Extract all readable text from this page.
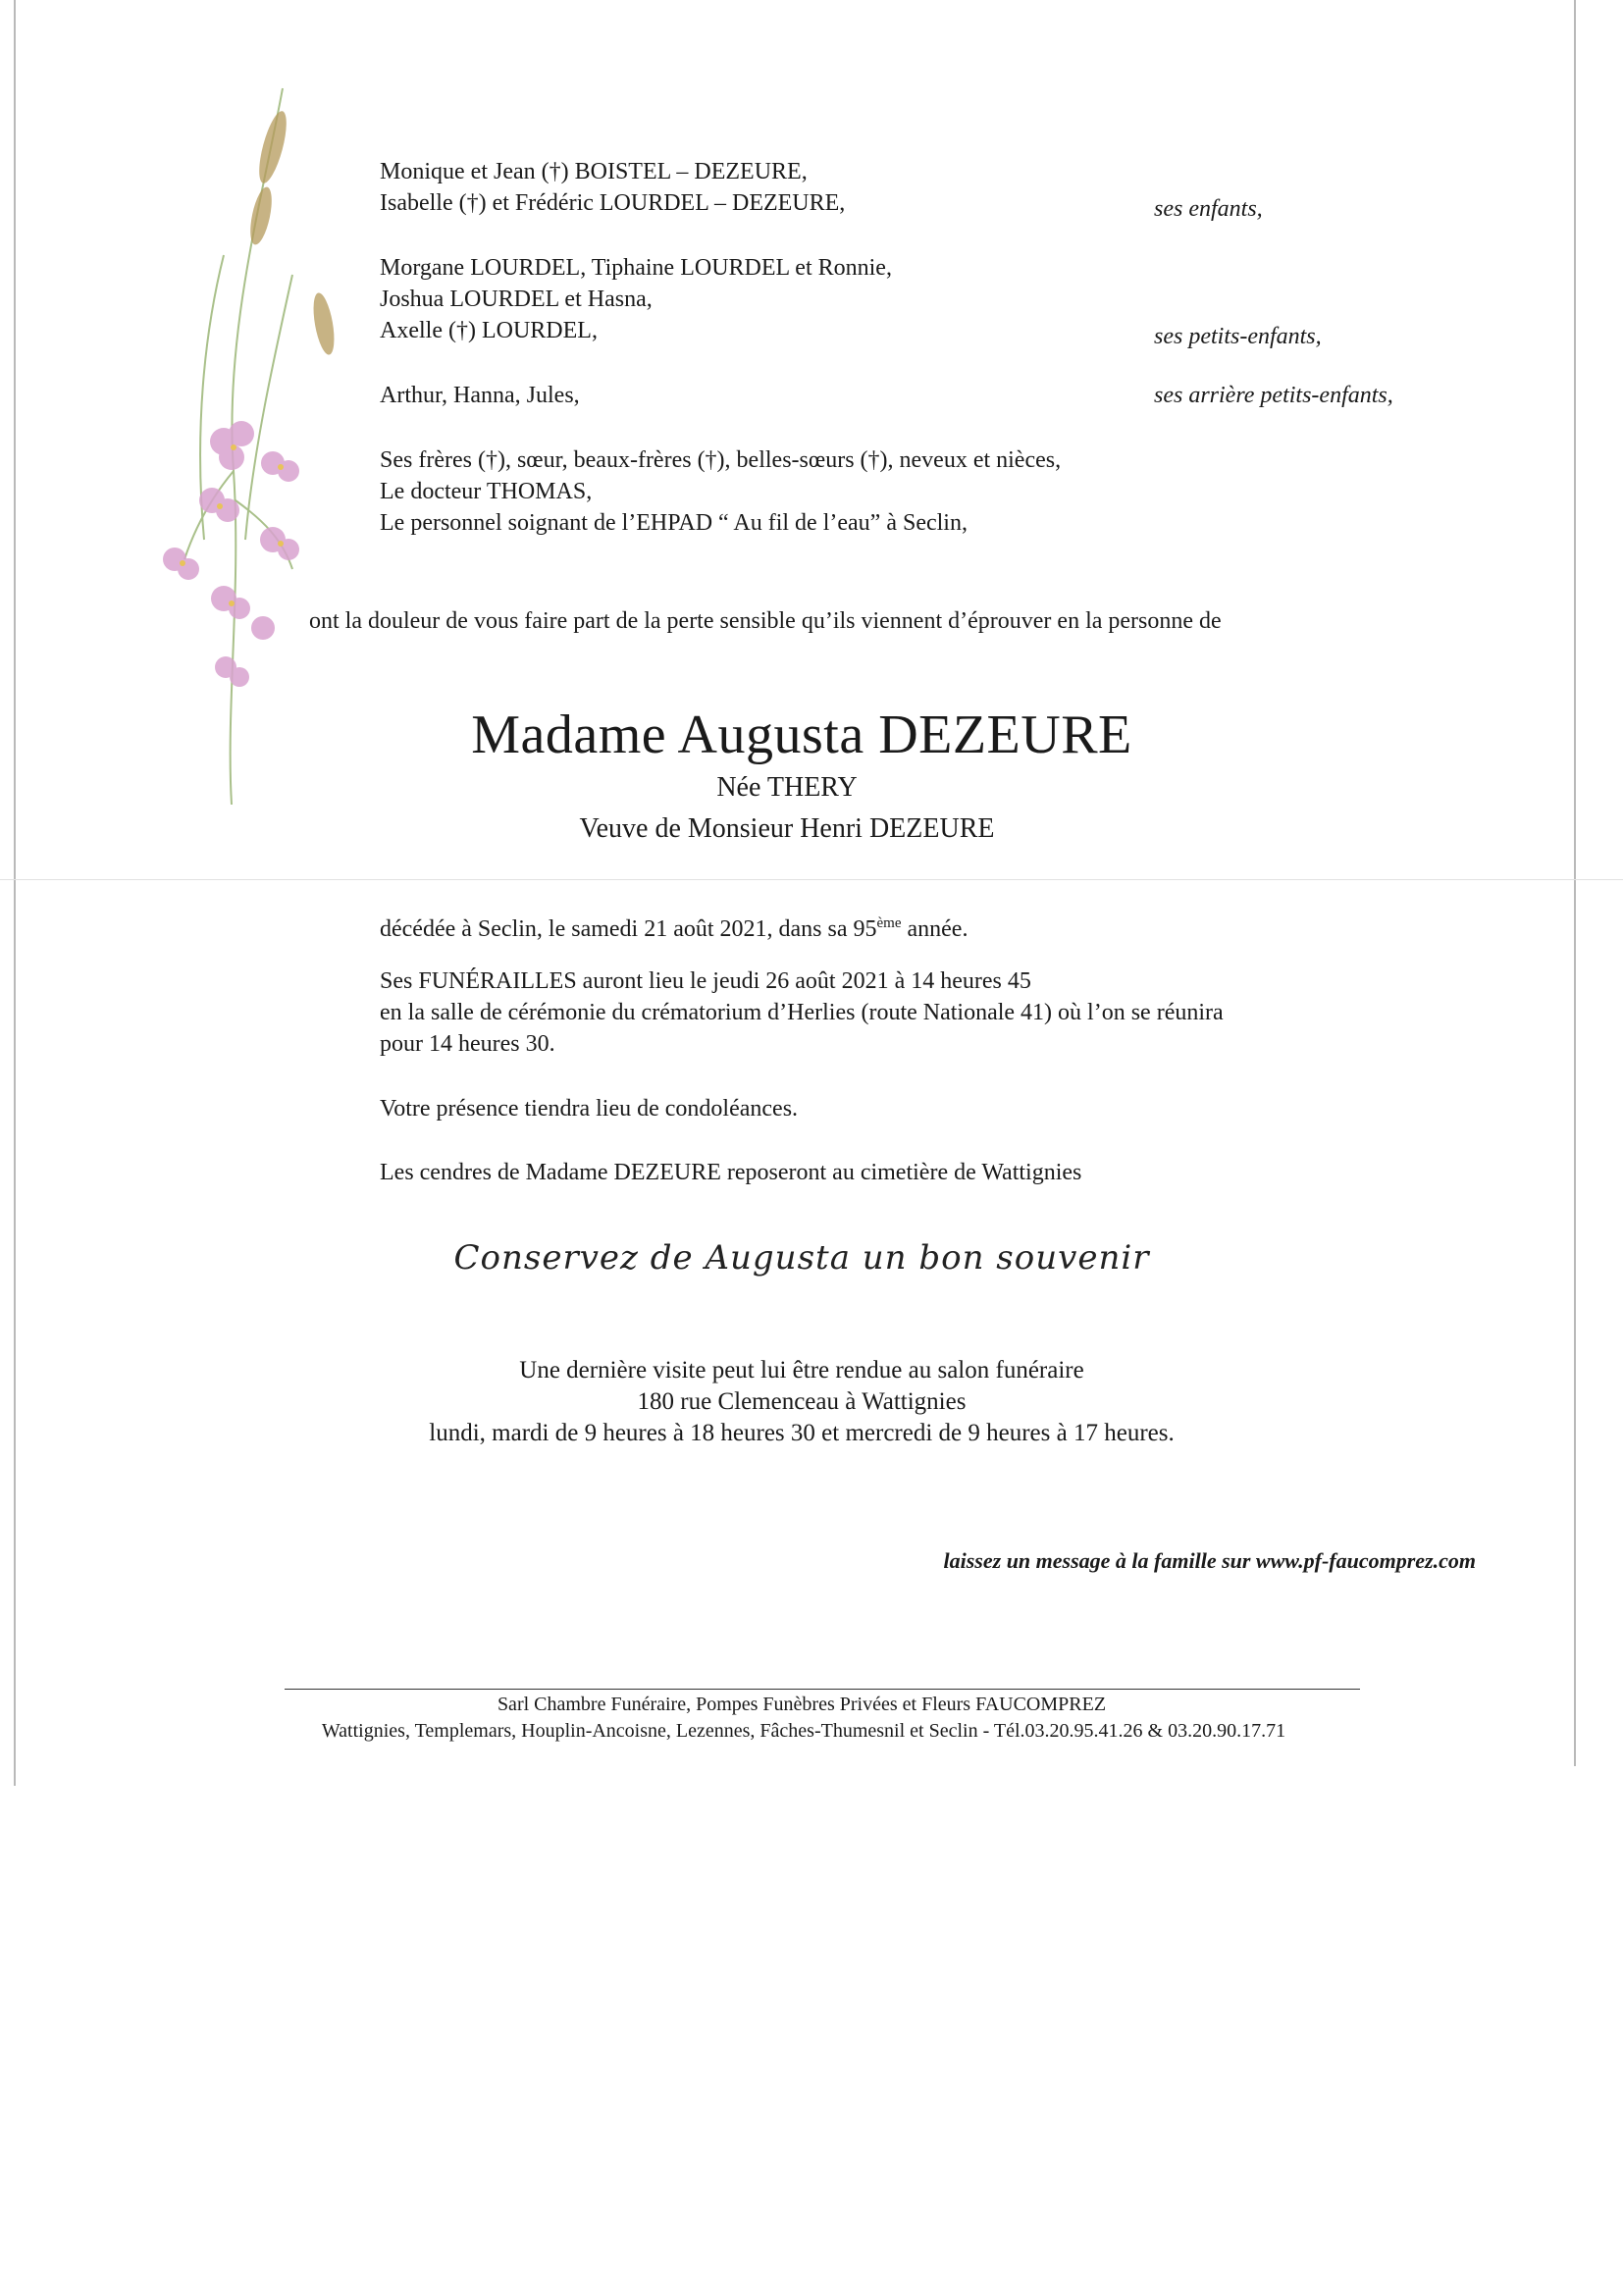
Monique et Jean (†) BOISTEL – DEZEURE,
Isabelle (†) et Frédéric LOURDEL – DEZEURE,	ses enfants,
Morgane LOURDEL, Tiphaine LOURDEL et Ronnie,
Joshua LOURDEL et Hasna,
Axelle (†) LOURDEL,	ses petits-enfants,
Arthur, Hanna, Jules,	ses arrière petits-enfants,
Ses frères (†), sœur, beaux-frères (†), belles-sœurs (†), neveux et nièces,
Le docteur THOMAS,
Le personnel soignant de l’EHPAD “ Au fil de l’eau” à Seclin,
ont la douleur de vous faire part de la perte sensible qu’ils viennent d’éprouver en la personne de
Madame Augusta DEZEURE
Née THERY
Veuve de Monsieur Henri DEZEURE
décédée à Seclin, le samedi 21 août 2021, dans sa 95ème année.
Ses FUNÉRAILLES auront lieu le jeudi 26 août 2021 à 14 heures 45
en la salle de cérémonie du crématorium d’Herlies (route Nationale 41) où l’on se réunira
pour 14 heures 30.
Votre présence tiendra lieu de condoléances.
Les cendres de Madame DEZEURE reposeront au cimetière de Wattignies
Conservez de Augusta un bon souvenir
Une dernière visite peut lui être rendue au salon funéraire
180 rue Clemenceau à Wattignies
lundi, mardi de 9 heures à 18 heures 30 et mercredi de 9 heures à 17 heures.
laissez un message à la famille sur www.pf-faucomprez.com
Sarl Chambre Funéraire, Pompes Funèbres Privées et Fleurs FAUCOMPREZ
Wattignies, Templemars, Houplin-Ancoisne, Lezennes, Fâches-Thumesnil et Seclin - Tél.03.20.95.41.26 & 03.20.90.17.71
